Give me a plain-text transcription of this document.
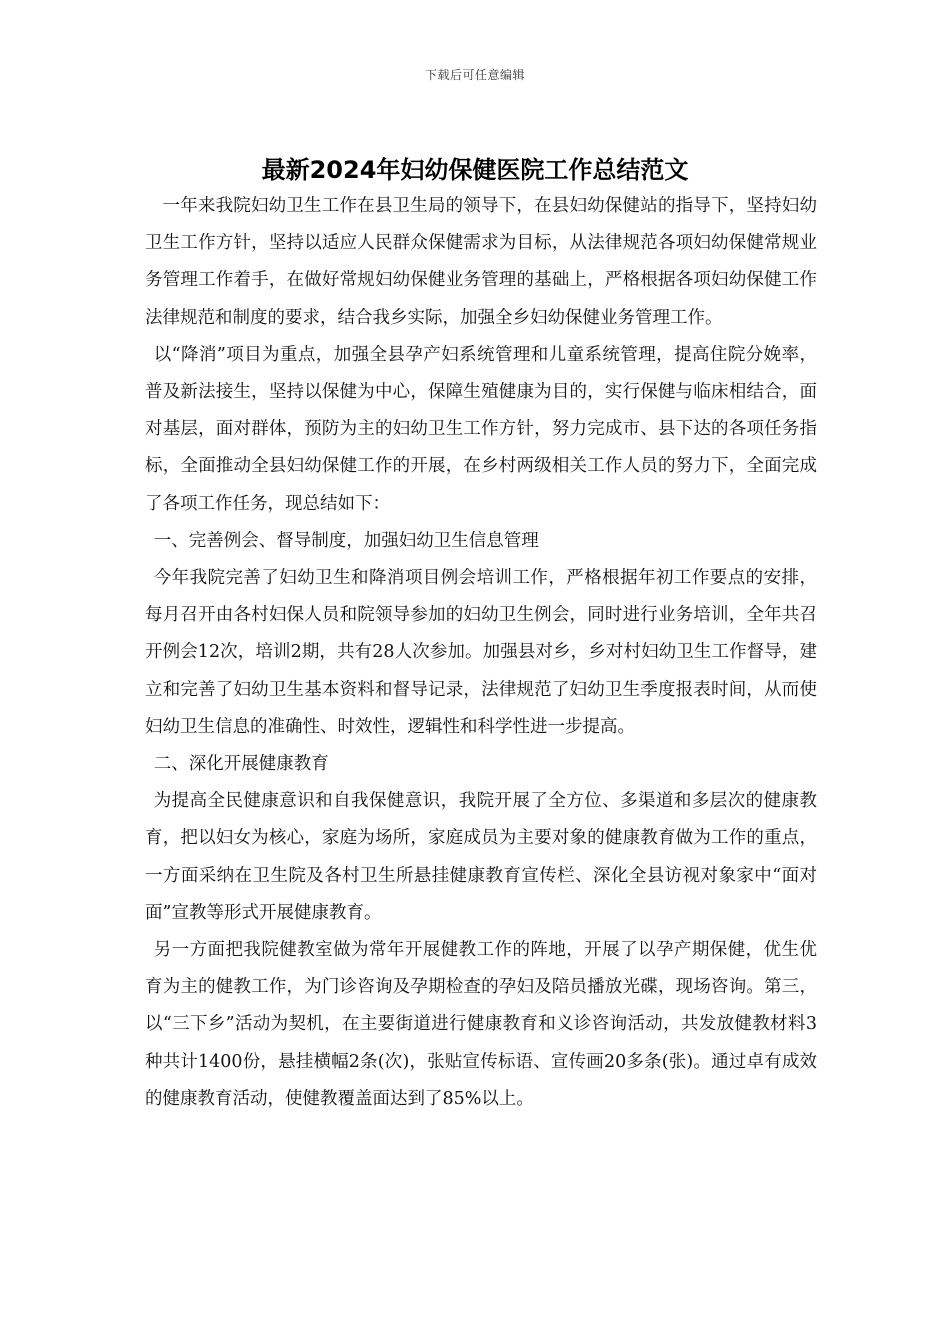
下载后可任意编辑
最新2024年妇幼保健医院工作总结范文

一年来我院妇幼卫生工作在县卫生局的领导下，在县妇幼保健站的指导下，坚持妇幼卫生工作方针，坚持以适应人民群众保健需求为目标，从法律规范各项妇幼保健常规业务管理工作着手，在做好常规妇幼保健业务管理的基础上，严格根据各项妇幼保健工作法律规范和制度的要求，结合我乡实际，加强全乡妇幼保健业务管理工作。

以“降消”项目为重点，加强全县孕产妇系统管理和儿童系统管理，提高住院分娩率，普及新法接生，坚持以保健为中心，保障生殖健康为目的，实行保健与临床相结合，面对基层，面对群体，预防为主的妇幼卫生工作方针，努力完成市、县下达的各项任务指标，全面推动全县妇幼保健工作的开展，在乡村两级相关工作人员的努力下，全面完成了各项工作任务，现总结如下：

一、完善例会、督导制度，加强妇幼卫生信息管理

今年我院完善了妇幼卫生和降消项目例会培训工作，严格根据年初工作要点的安排，每月召开由各村妇保人员和院领导参加的妇幼卫生例会，同时进行业务培训，全年共召开例会12次，培训2期，共有28人次参加。加强县对乡，乡对村妇幼卫生工作督导，建立和完善了妇幼卫生基本资料和督导记录，法律规范了妇幼卫生季度报表时间，从而使妇幼卫生信息的准确性、时效性，逻辑性和科学性进一步提高。

二、深化开展健康教育

为提高全民健康意识和自我保健意识，我院开展了全方位、多渠道和多层次的健康教育，把以妇女为核心，家庭为场所，家庭成员为主要对象的健康教育做为工作的重点，一方面采纳在卫生院及各村卫生所悬挂健康教育宣传栏、深化全县访视对象家中“面对面”宣教等形式开展健康教育。

另一方面把我院健教室做为常年开展健教工作的阵地，开展了以孕产期保健，优生优育为主的健教工作，为门诊咨询及孕期检查的孕妇及陪员播放光碟，现场咨询。第三，以“三下乡”活动为契机，在主要街道进行健康教育和义诊咨询活动，共发放健教材料3种共计1400份，悬挂横幅2条(次)，张贴宣传标语、宣传画20多条(张)。通过卓有成效的健康教育活动，使健教覆盖面达到了85%以上。
